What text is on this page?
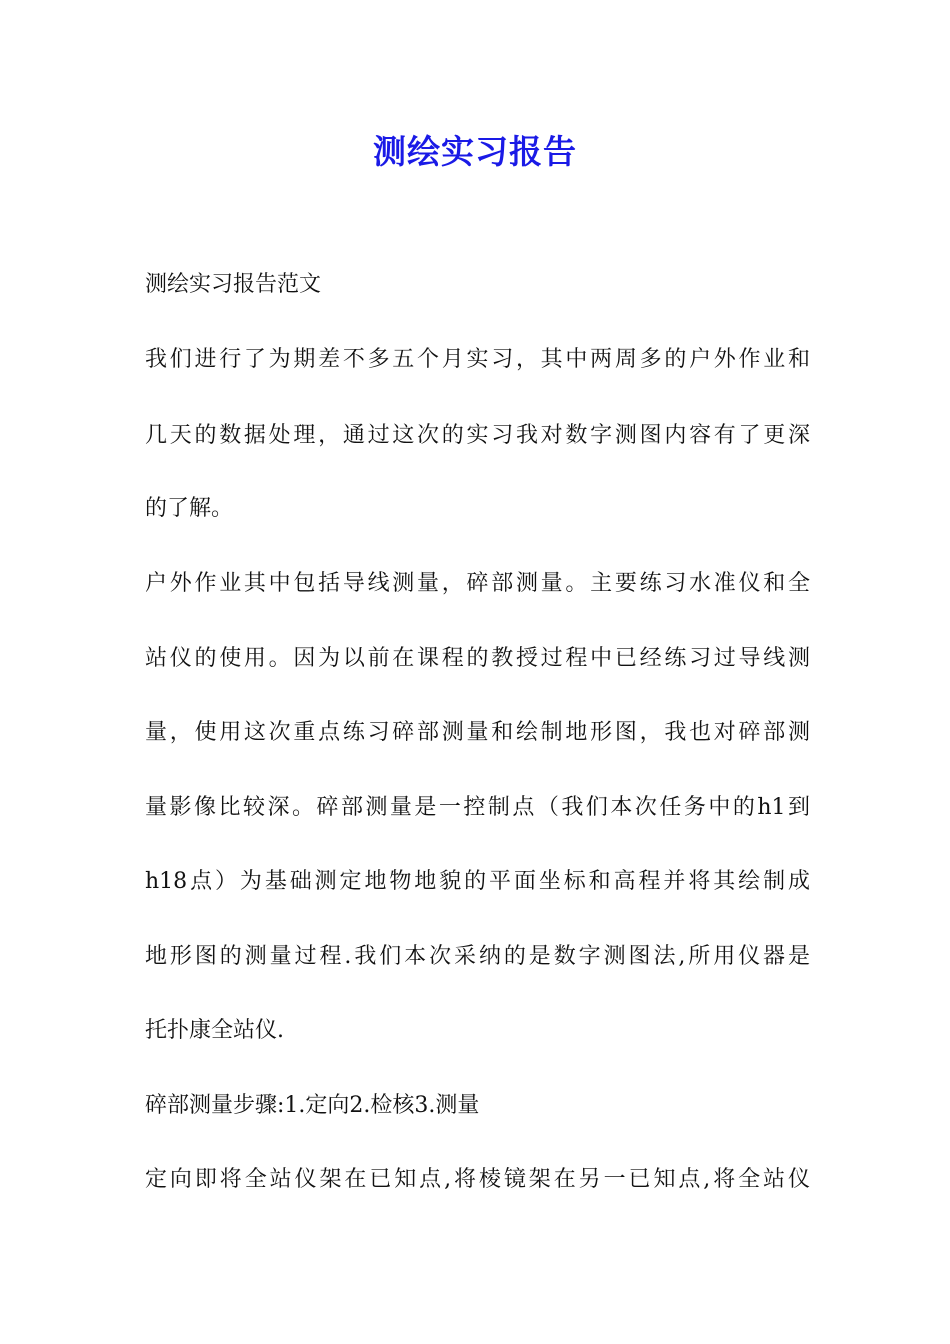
测绘实习报告
测绘实习报告范文
我们进行了为期差不多五个月实习，其中两周多的户外作业和
几天的数据处理，通过这次的实习我对数字测图内容有了更深
的了解。
户外作业其中包括导线测量，碎部测量。主要练习水准仪和全
站仪的使用。因为以前在课程的教授过程中已经练习过导线测
量，使用这次重点练习碎部测量和绘制地形图，我也对碎部测
量影像比较深。碎部测量是一控制点（我们本次任务中的h1到
h18点）为基础测定地物地貌的平面坐标和高程并将其绘制成
地形图的测量过程.我们本次采纳的是数字测图法,所用仪器是
托扑康全站仪.
碎部测量步骤:1.定向2.检核3.测量
定向即将全站仪架在已知点,将棱镜架在另一已知点,将全站仪
